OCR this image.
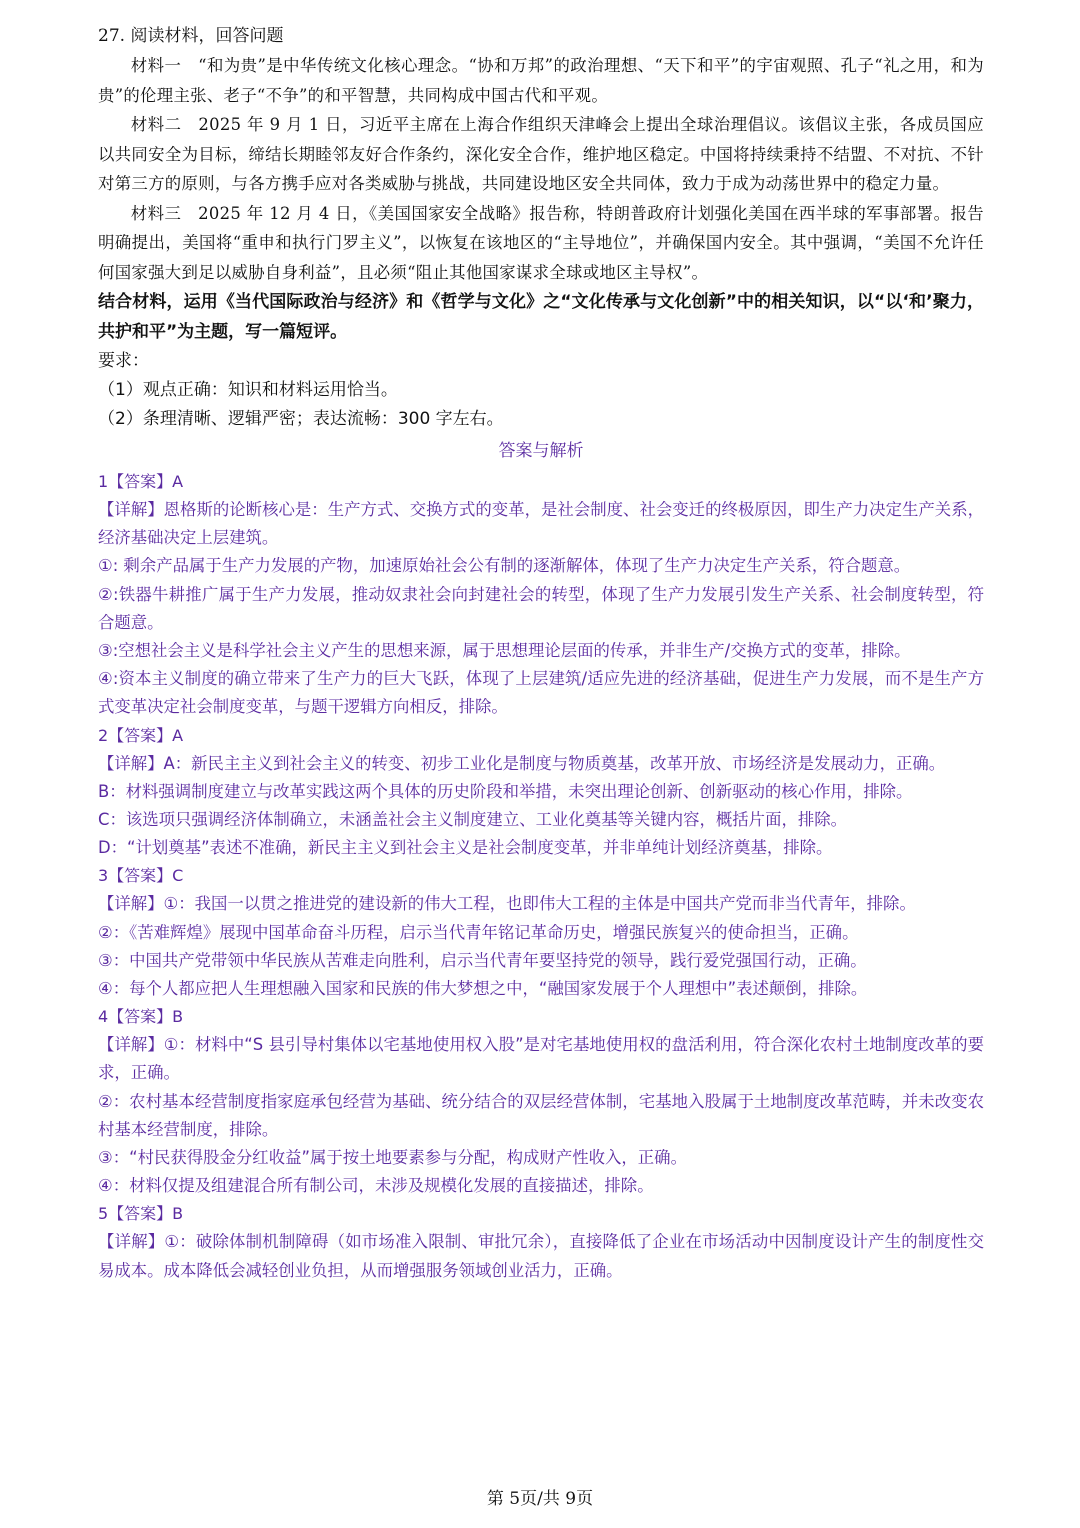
27. 阅读材料，回答问题

材料一　“和为贵”是中华传统文化核心理念。“协和万邦”的政治理想、“天下和平”的宇宙观照、孔子“礼之用，和为贵”的伦理主张、老子“不争”的和平智慧，共同构成中国古代和平观。

材料二　2025 年 9 月 1 日，习近平主席在上海合作组织天津峰会上提出全球治理倡议。该倡议主张，各成员国应以共同安全为目标，缔结长期睦邻友好合作条约，深化安全合作，维护地区稳定。中国将持续秉持不结盟、不对抗、不针对第三方的原则，与各方携手应对各类威胁与挑战，共同建设地区安全共同体，致力于成为动荡世界中的稳定力量。

材料三　2025 年 12 月 4 日，《美国国家安全战略》报告称，特朗普政府计划强化美国在西半球的军事部署。报告明确提出，美国将“重申和执行门罗主义”，以恢复在该地区的“主导地位”，并确保国内安全。其中强调，“美国不允许任何国家强大到足以威胁自身利益”，且必须“阻止其他国家谋求全球或地区主导权”。

结合材料，运用《当代国际政治与经济》和《哲学与文化》之“文化传承与文化创新”中的相关知识，以“以‘和’聚力，共护和平”为主题，写一篇短评。

要求：

（1）观点正确：知识和材料运用恰当。

（2）条理清晰、逻辑严密；表达流畅：300 字左右。

答案与解析

1【答案】A

【详解】恩格斯的论断核心是：生产方式、交换方式的变革，是社会制度、社会变迁的终极原因，即生产力决定生产关系，经济基础决定上层建筑。

①: 剩余产品属于生产力发展的产物，加速原始社会公有制的逐渐解体，体现了生产力决定生产关系，符合题意。

②:铁器牛耕推广属于生产力发展，推动奴隶社会向封建社会的转型，体现了生产力发展引发生产关系、社会制度转型，符合题意。

③:空想社会主义是科学社会主义产生的思想来源，属于思想理论层面的传承，并非生产/交换方式的变革，排除。

④:资本主义制度的确立带来了生产力的巨大飞跃，体现了上层建筑/适应先进的经济基础，促进生产力发展，而不是生产方式变革决定社会制度变革，与题干逻辑方向相反，排除。

2【答案】A

【详解】A：新民主主义到社会主义的转变、初步工业化是制度与物质奠基，改革开放、市场经济是发展动力，正确。

B：材料强调制度建立与改革实践这两个具体的历史阶段和举措，未突出理论创新、创新驱动的核心作用，排除。

C：该选项只强调经济体制确立，未涵盖社会主义制度建立、工业化奠基等关键内容，概括片面，排除。

D：“计划奠基”表述不准确，新民主主义到社会主义是社会制度变革，并非单纯计划经济奠基，排除。

3【答案】C

【详解】①：我国一以贯之推进党的建设新的伟大工程，也即伟大工程的主体是中国共产党而非当代青年，排除。

②：《苦难辉煌》展现中国革命奋斗历程，启示当代青年铭记革命历史，增强民族复兴的使命担当，正确。

③：中国共产党带领中华民族从苦难走向胜利，启示当代青年要坚持党的领导，践行爱党强国行动，正确。

④：每个人都应把人生理想融入国家和民族的伟大梦想之中，“融国家发展于个人理想中”表述颠倒，排除。

4【答案】B

【详解】①：材料中“S 县引导村集体以宅基地使用权入股”是对宅基地使用权的盘活利用，符合深化农村土地制度改革的要求，正确。

②：农村基本经营制度指家庭承包经营为基础、统分结合的双层经营体制，宅基地入股属于土地制度改革范畴，并未改变农村基本经营制度，排除。

③：“村民获得股金分红收益”属于按土地要素参与分配，构成财产性收入，正确。

④：材料仅提及组建混合所有制公司，未涉及规模化发展的直接描述，排除。

5【答案】B

【详解】①：破除体制机制障碍（如市场准入限制、审批冗余），直接降低了企业在市场活动中因制度设计产生的制度性交易成本。成本降低会减轻创业负担，从而增强服务领域创业活力，正确。

第 5页/共 9页
